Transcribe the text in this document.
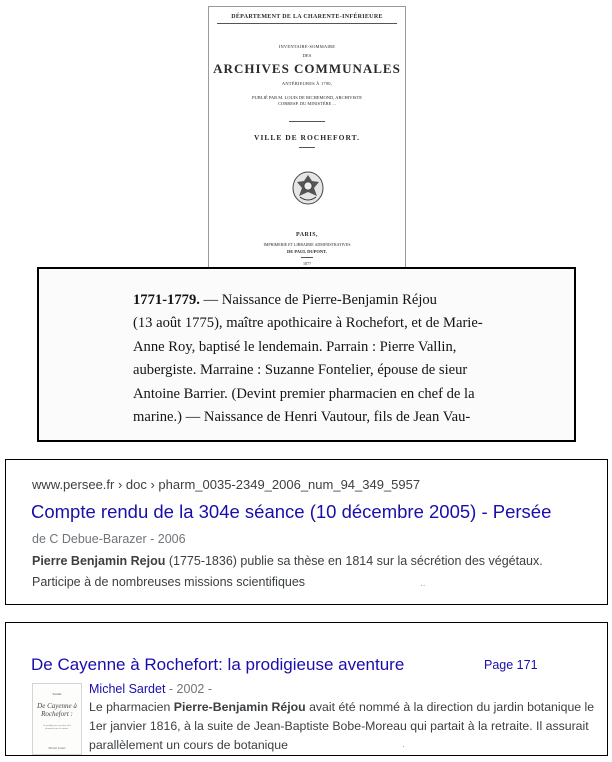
DÉPARTEMENT DE LA CHARENTE-INFÉRIEURE
INVENTAIRE-SOMMAIRE
DES
ARCHIVES COMMUNALES
ANTÉRIEURES À 1790,
PUBLIÉ PAR M. LOUIS DE RICHEMOND, ARCHIVISTE
CORRESP. DU MINISTÈRE ...
VILLE DE ROCHEFORT.
PARIS,
IMPRIMERIE ET LIBRAIRIE ADMINISTRATIVES
DE PAUL DUPONT.
1877
1771-1779. — Naissance de Pierre-Benjamin Réjou
(13 août 1775), maître apothicaire à Rochefort, et de Marie-
Anne Roy, baptisé le lendemain. Parrain : Pierre Vallin,
aubergiste. Marraine : Suzanne Fontelier, épouse de sieur
Antoine Barrier. (Devint premier pharmacien en chef de la
marine.) — Naissance de Henri Vautour, fils de Jean Vau-
www.persee.fr › doc › pharm_0035-2349_2006_num_94_349_5957
Compte rendu de la 304e séance (10 décembre 2005) - Persée
de C Debue-Barazer - 2006
Pierre Benjamin Rejou (1775-1836) publie sa thèse en 1814 sur la sécrétion des végétaux.
Participe à de nombreuses missions scientifiques	..
De Cayenne à Rochefort: la prodigieuse aventure	Page 171
Sardet
De Cayenne à Rochefort :
la prodigieuse aventure des pharmaciens de marine
Michel Sardet
Michel Sardet - 2002 -
Le pharmacien Pierre-Benjamin Réjou avait été nommé à la direction du jardin botanique le 1er janvier 1816, à la suite de Jean-Baptiste Bobe-Moreau qui partait à la retraite. Il assurait parallèlement un cours de botanique	.
